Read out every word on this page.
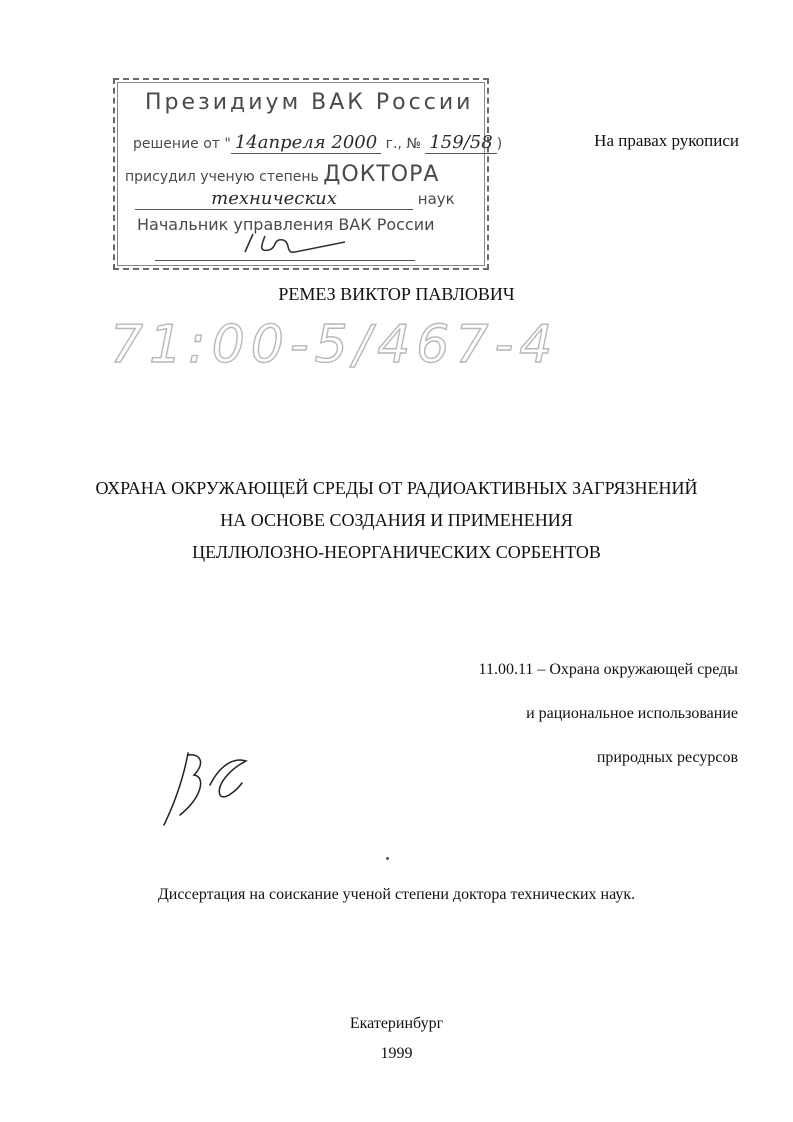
Президиум ВАК России
решение от " 14апреля 2000 г., № 159/58 )
присудил ученую степень ДОКТОРА
технических	наук
Начальник управления ВАК России
На правах рукописи
РЕМЕЗ ВИКТОР ПАВЛОВИЧ
71:00-5/467-4
ОХРАНА ОКРУЖАЮЩЕЙ СРЕДЫ ОТ РАДИОАКТИВНЫХ ЗАГРЯЗНЕНИЙ
НА ОСНОВЕ СОЗДАНИЯ И ПРИМЕНЕНИЯ
ЦЕЛЛЮЛОЗНО-НЕОРГАНИЧЕСКИХ СОРБЕНТОВ
11.00.11 – Охрана окружающей среды
и рациональное использование
природных ресурсов
Диссертация на соискание ученой степени доктора технических наук.
Екатеринбург
1999
